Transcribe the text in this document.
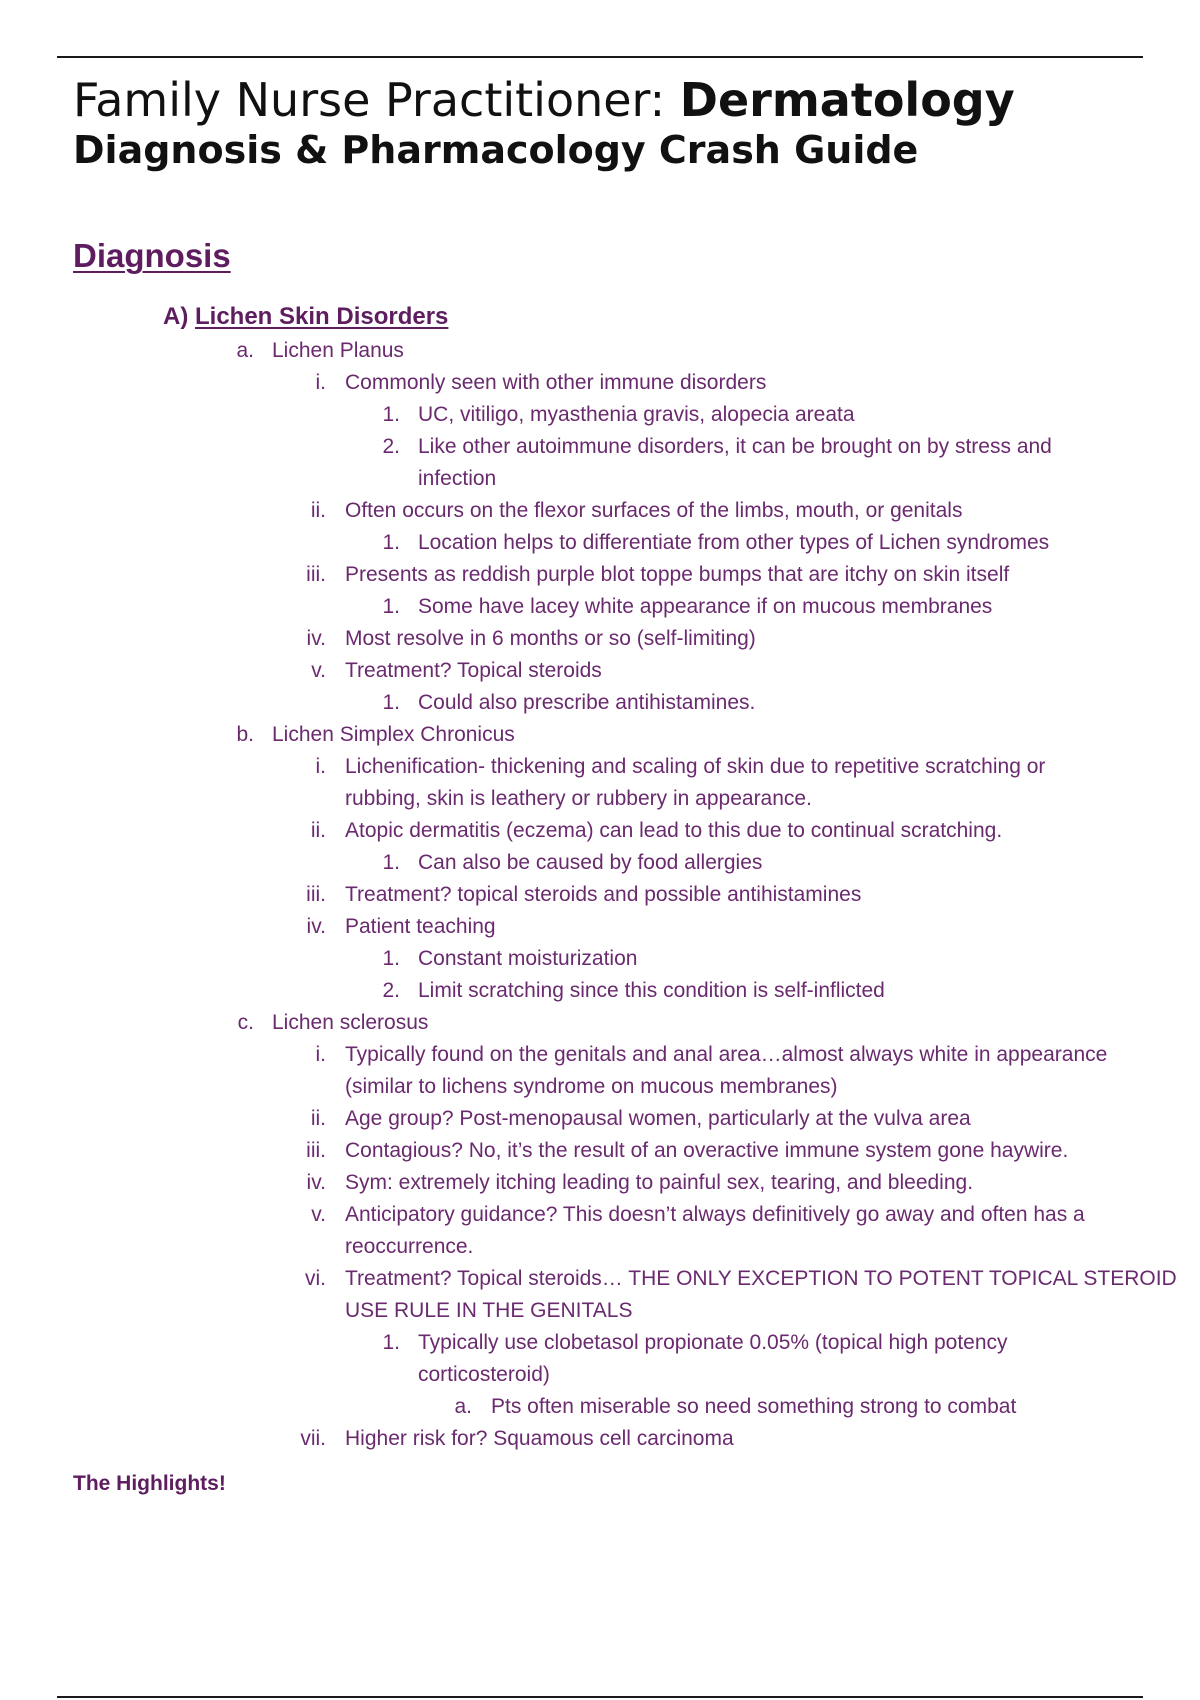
Family Nurse Practitioner: Dermatology
Diagnosis & Pharmacology Crash Guide
Diagnosis
A) Lichen Skin Disorders
a. Lichen Planus
i. Commonly seen with other immune disorders
1. UC, vitiligo, myasthenia gravis, alopecia areata
2. Like other autoimmune disorders, it can be brought on by stress and
infection
ii. Often occurs on the flexor surfaces of the limbs, mouth, or genitals
1. Location helps to differentiate from other types of Lichen syndromes
iii. Presents as reddish purple blot toppe bumps that are itchy on skin itself
1. Some have lacey white appearance if on mucous membranes
iv. Most resolve in 6 months or so (self-limiting)
v. Treatment? Topical steroids
1. Could also prescribe antihistamines.
b. Lichen Simplex Chronicus
i. Lichenification- thickening and scaling of skin due to repetitive scratching or
rubbing, skin is leathery or rubbery in appearance.
ii. Atopic dermatitis (eczema) can lead to this due to continual scratching.
1. Can also be caused by food allergies
iii. Treatment? topical steroids and possible antihistamines
iv. Patient teaching
1. Constant moisturization
2. Limit scratching since this condition is self-inflicted
c. Lichen sclerosus
i. Typically found on the genitals and anal area…almost always white in appearance
(similar to lichens syndrome on mucous membranes)
ii. Age group? Post-menopausal women, particularly at the vulva area
iii. Contagious? No, it’s the result of an overactive immune system gone haywire.
iv. Sym: extremely itching leading to painful sex, tearing, and bleeding.
v. Anticipatory guidance? This doesn’t always definitively go away and often has a
reoccurrence.
vi. Treatment? Topical steroids… THE ONLY EXCEPTION TO POTENT TOPICAL STEROID
USE RULE IN THE GENITALS
1. Typically use clobetasol propionate 0.05% (topical high potency
corticosteroid)
a. Pts often miserable so need something strong to combat
vii. Higher risk for? Squamous cell carcinoma

The Highlights!
